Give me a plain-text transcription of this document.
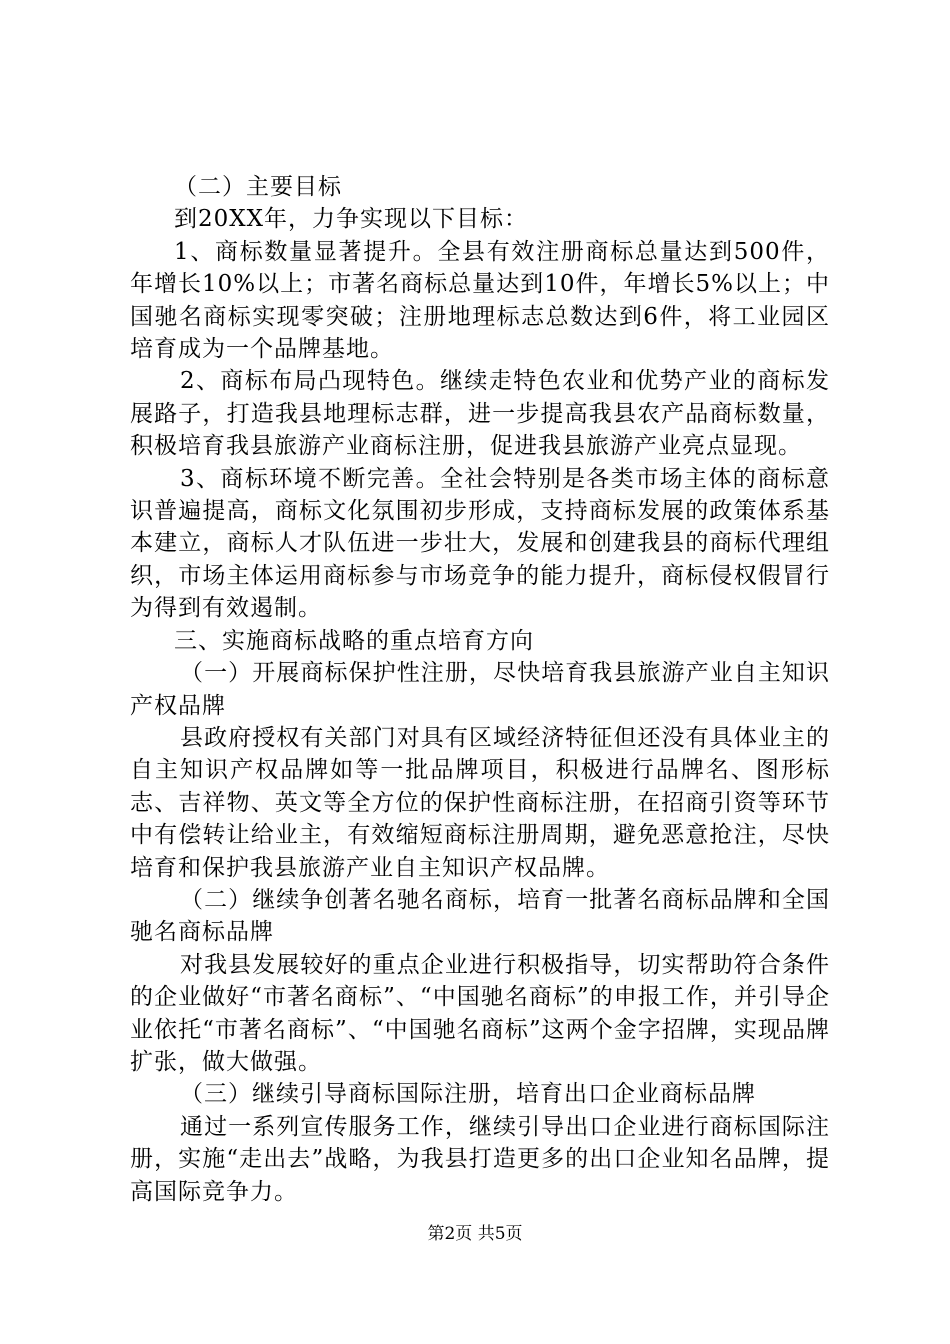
（二）主要目标

到20XX年，力争实现以下目标：

1、商标数量显著提升。全县有效注册商标总量达到500件，年增长10%以上；市著名商标总量达到10件，年增长5%以上；中国驰名商标实现零突破；注册地理标志总数达到6件，将工业园区培育成为一个品牌基地。

2、商标布局凸现特色。继续走特色农业和优势产业的商标发展路子，打造我县地理标志群，进一步提高我县农产品商标数量，积极培育我县旅游产业商标注册，促进我县旅游产业亮点显现。

3、商标环境不断完善。全社会特别是各类市场主体的商标意识普遍提高，商标文化氛围初步形成，支持商标发展的政策体系基本建立，商标人才队伍进一步壮大，发展和创建我县的商标代理组织，市场主体运用商标参与市场竞争的能力提升，商标侵权假冒行为得到有效遏制。

三、实施商标战略的重点培育方向

（一）开展商标保护性注册，尽快培育我县旅游产业自主知识产权品牌

县政府授权有关部门对具有区域经济特征但还没有具体业主的自主知识产权品牌如等一批品牌项目，积极进行品牌名、图形标志、吉祥物、英文等全方位的保护性商标注册，在招商引资等环节中有偿转让给业主，有效缩短商标注册周期，避免恶意抢注，尽快培育和保护我县旅游产业自主知识产权品牌。

（二）继续争创著名驰名商标，培育一批著名商标品牌和全国驰名商标品牌

对我县发展较好的重点企业进行积极指导，切实帮助符合条件的企业做好“市著名商标”、“中国驰名商标”的申报工作，并引导企业依托“市著名商标”、“中国驰名商标”这两个金字招牌，实现品牌扩张，做大做强。

（三）继续引导商标国际注册，培育出口企业商标品牌

通过一系列宣传服务工作，继续引导出口企业进行商标国际注册，实施“走出去”战略，为我县打造更多的出口企业知名品牌，提高国际竞争力。

第2页 共5页
